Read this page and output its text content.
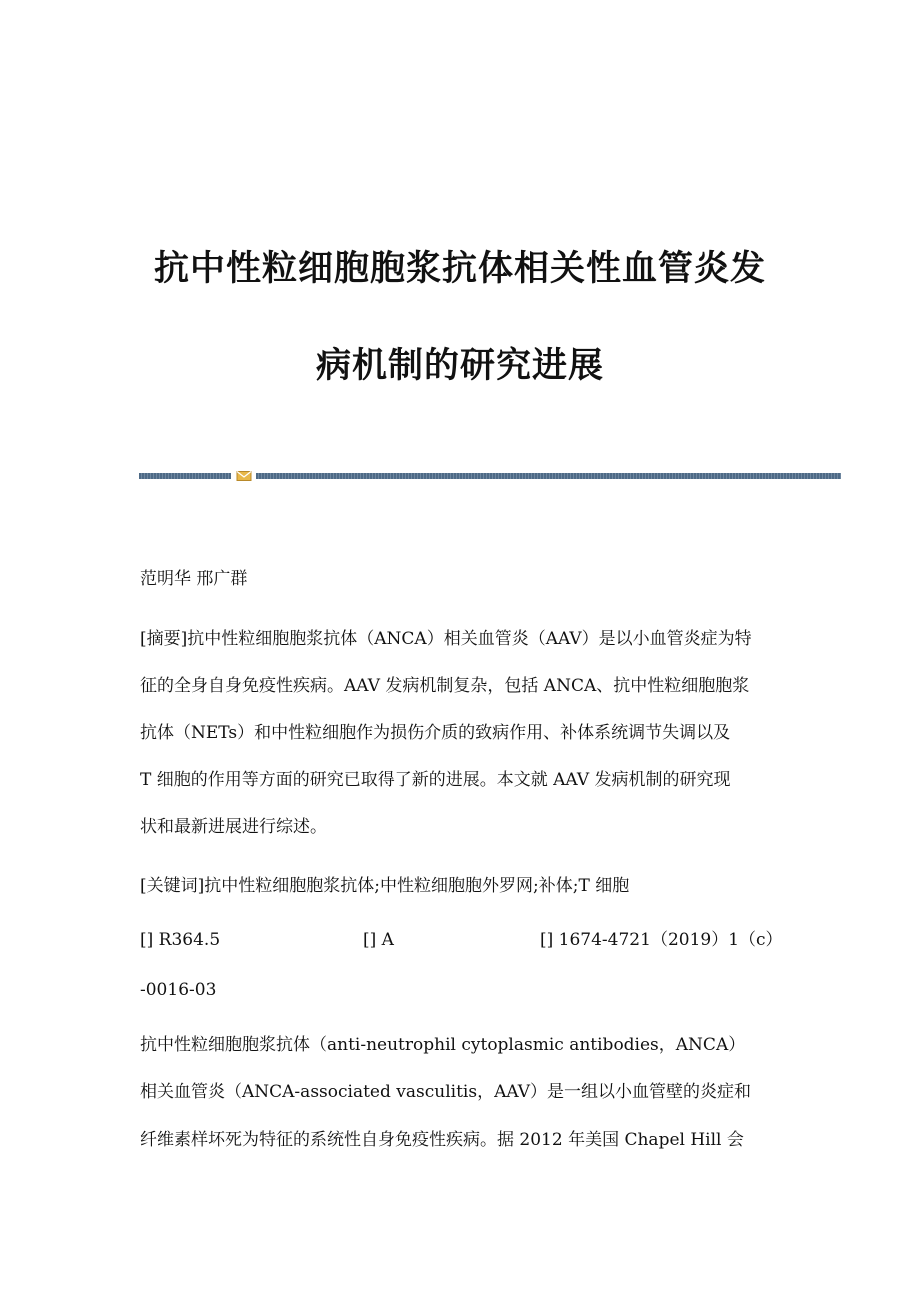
抗中性粒细胞胞浆抗体相关性血管炎发
病机制的研究进展
范明华 邢广群
[摘要]抗中性粒细胞胞浆抗体（ANCA）相关血管炎（AAV）是以小血管炎症为特
征的全身自身免疫性疾病。AAV 发病机制复杂，包括 ANCA、抗中性粒细胞胞浆
抗体（NETs）和中性粒细胞作为损伤介质的致病作用、补体系统调节失调以及
T 细胞的作用等方面的研究已取得了新的进展。本文就 AAV 发病机制的研究现
状和最新进展进行综述。
[关键词]抗中性粒细胞胞浆抗体;中性粒细胞胞外罗网;补体;T 细胞
[] R364.5	[] A	[] 1674-4721（2019）1（c）
-0016-03
抗中性粒细胞胞浆抗体（anti-neutrophil cytoplasmic antibodies，ANCA）
相关血管炎（ANCA-associated vasculitis，AAV）是一组以小血管壁的炎症和
纤维素样坏死为特征的系统性自身免疫性疾病。据 2012 年美国 Chapel Hill 会
